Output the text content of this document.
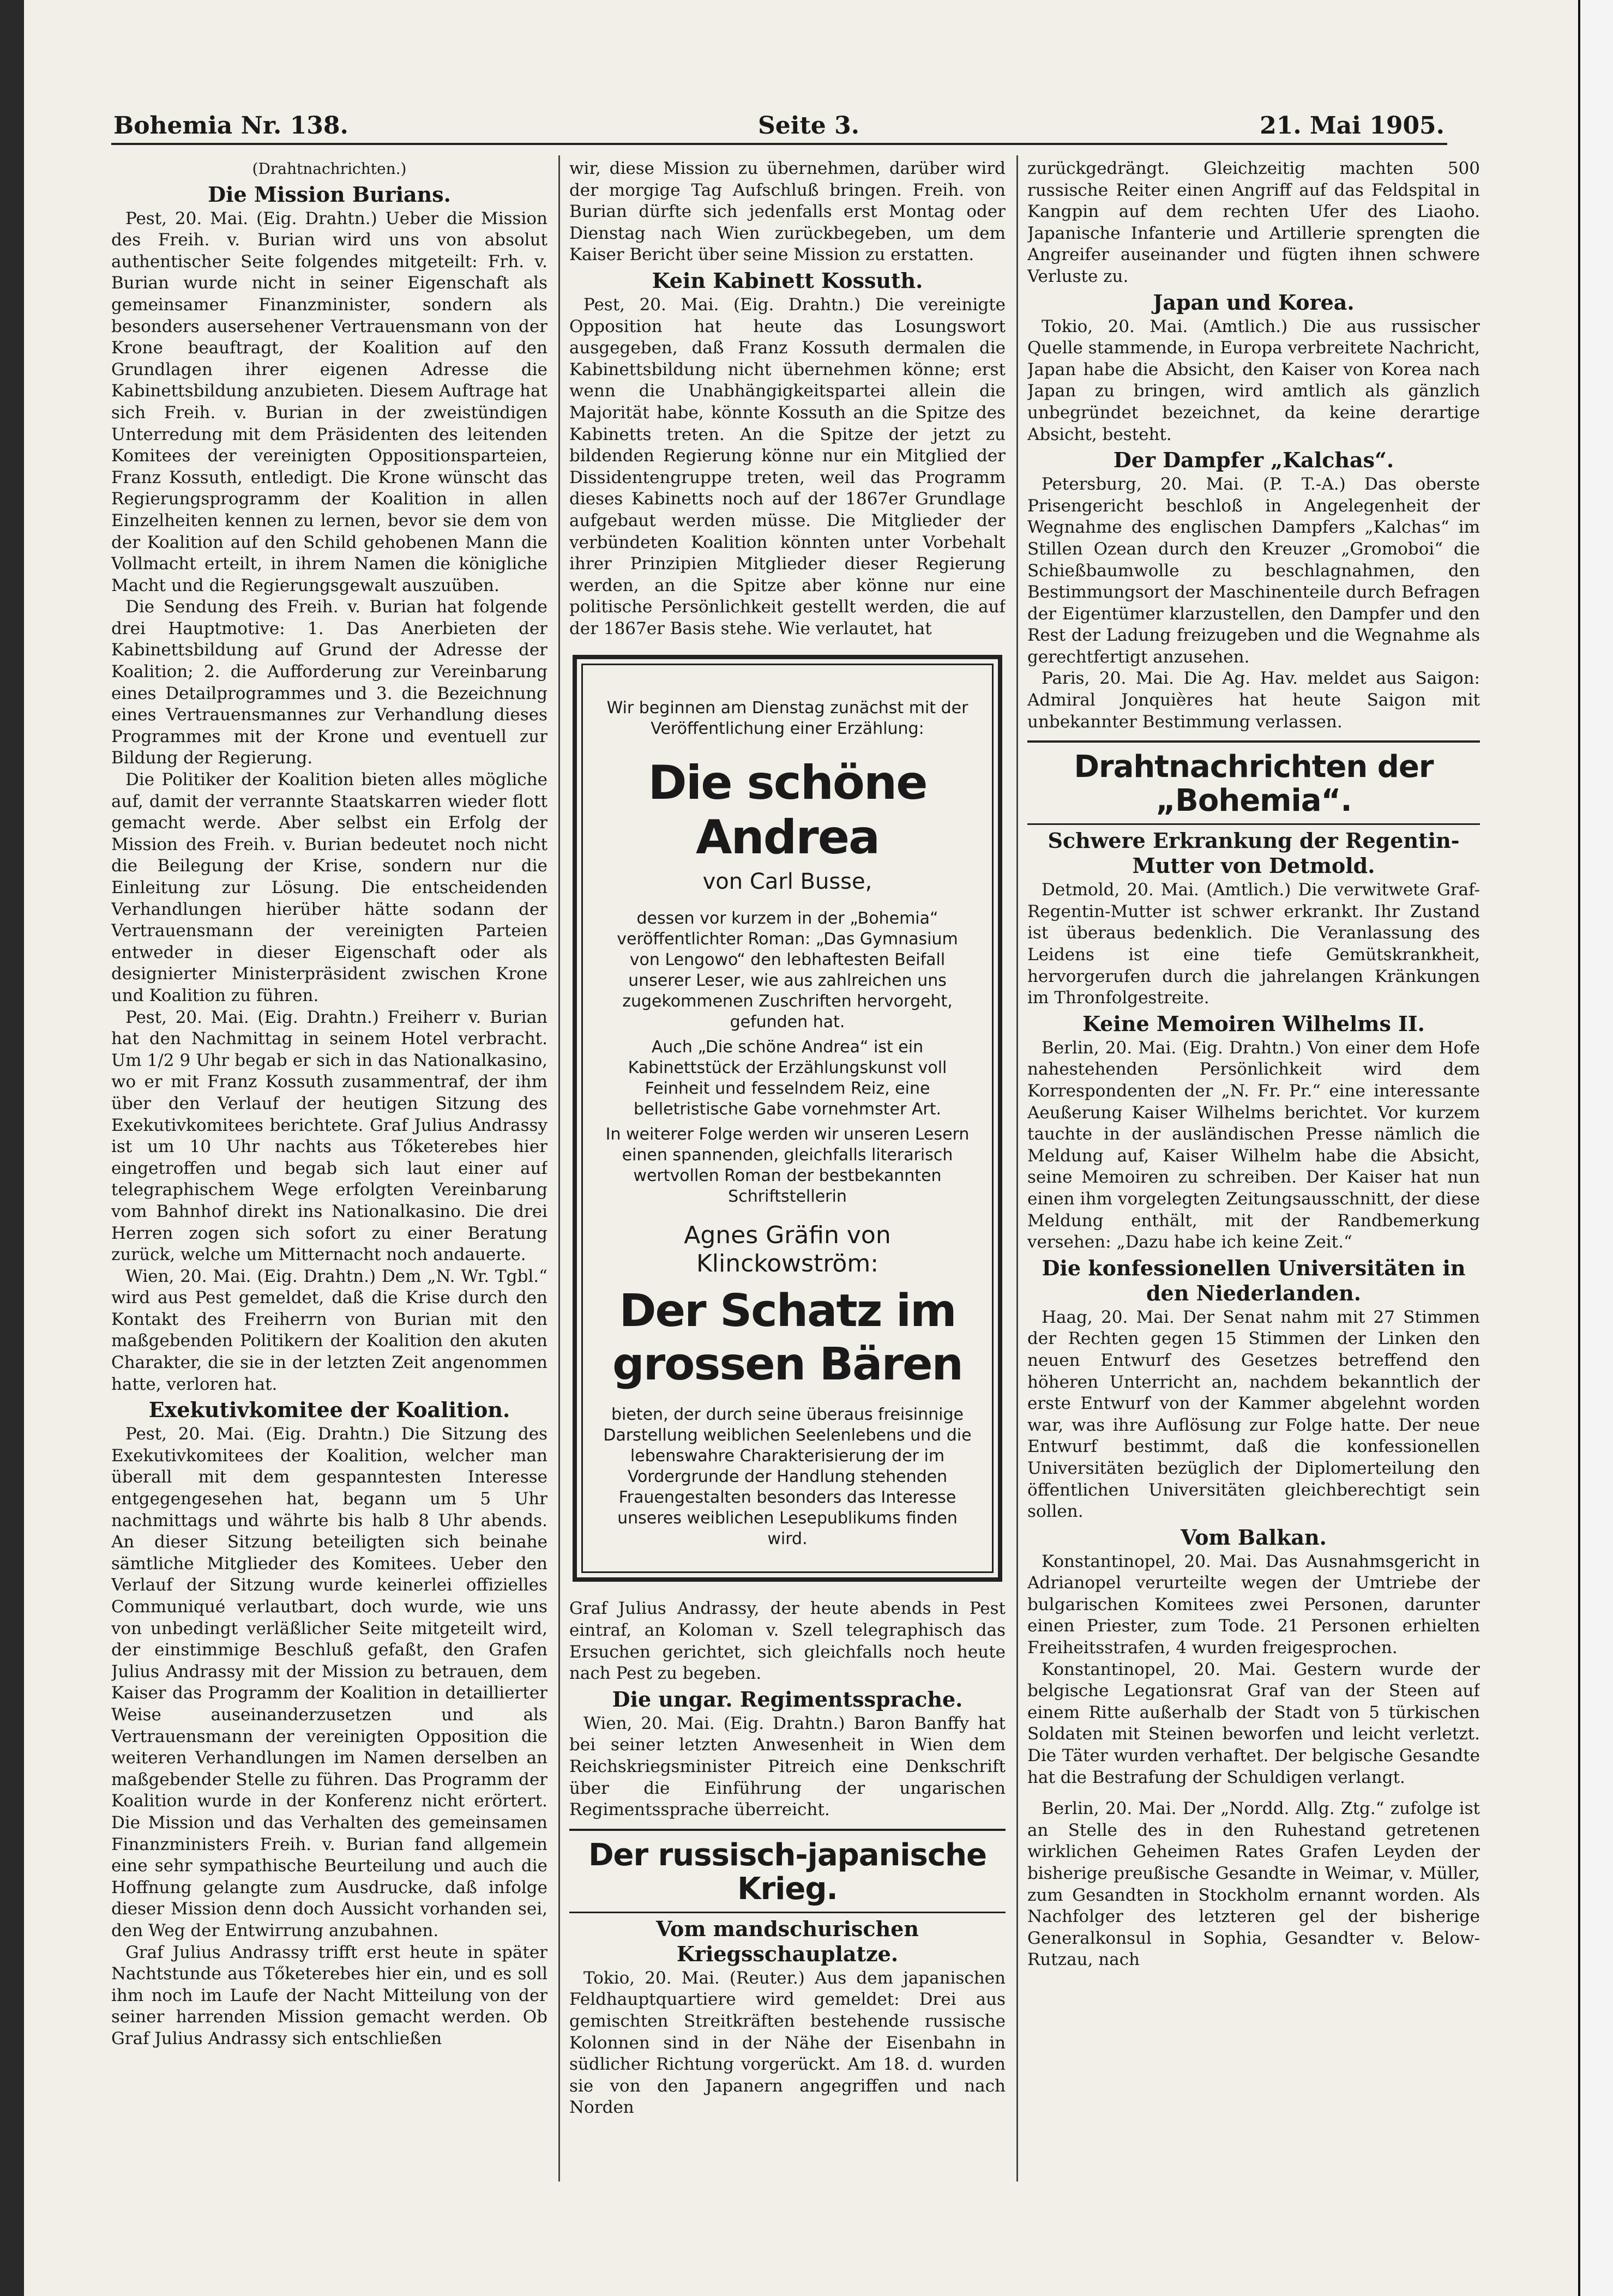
Bohemia Nr. 138.	Seite 3.	21. Mai 1905.

(Drahtnachrichten.)

Die Mission Burians.

Pest, 20. Mai. (Eig. Drahtn.) Ueber die Mission des Freih. v. Burian wird uns von absolut authentischer Seite folgendes mitgeteilt: Frh. v. Burian wurde nicht in seiner Eigenschaft als gemeinsamer Finanzminister, sondern als besonders ausersehener Vertrauensmann von der Krone beauftragt, der Koalition auf den Grundlagen ihrer eigenen Adresse die Kabinettsbildung anzubieten. Diesem Auftrage hat sich Freih. v. Burian in der zweistündigen Unterredung mit dem Präsidenten des leitenden Komitees der vereinigten Oppositionsparteien, Franz Kossuth, entledigt. Die Krone wünscht das Regierungsprogramm der Koalition in allen Einzelheiten kennen zu lernen, bevor sie dem von der Koalition auf den Schild gehobenen Mann die Vollmacht erteilt, in ihrem Namen die königliche Macht und die Regierungsgewalt auszuüben.

Die Sendung des Freih. v. Burian hat folgende drei Hauptmotive: 1. Das Anerbieten der Kabinettsbildung auf Grund der Adresse der Koalition; 2. die Aufforderung zur Vereinbarung eines Detailprogrammes und 3. die Bezeichnung eines Vertrauensmannes zur Verhandlung dieses Programmes mit der Krone und eventuell zur Bildung der Regierung.

Die Politiker der Koalition bieten alles mögliche auf, damit der verrannte Staatskarren wieder flott gemacht werde. Aber selbst ein Erfolg der Mission des Freih. v. Burian bedeutet noch nicht die Beilegung der Krise, sondern nur die Einleitung zur Lösung. Die entscheidenden Verhandlungen hierüber hätte sodann der Vertrauensmann der vereinigten Parteien entweder in dieser Eigenschaft oder als designierter Ministerpräsident zwischen Krone und Koalition zu führen.

Pest, 20. Mai. (Eig. Drahtn.) Freiherr v. Burian hat den Nachmittag in seinem Hotel verbracht. Um 1/2 9 Uhr begab er sich in das Nationalkasino, wo er mit Franz Kossuth zusammentraf, der ihm über den Verlauf der heutigen Sitzung des Exekutivkomitees berichtete. Graf Julius Andrassy ist um 10 Uhr nachts aus Tőketerebes hier eingetroffen und begab sich laut einer auf telegraphischem Wege erfolgten Vereinbarung vom Bahnhof direkt ins Nationalkasino. Die drei Herren zogen sich sofort zu einer Beratung zurück, welche um Mitternacht noch andauerte.

Wien, 20. Mai. (Eig. Drahtn.) Dem „N. Wr. Tgbl.“ wird aus Pest gemeldet, daß die Krise durch den Kontakt des Freiherrn von Burian mit den maßgebenden Politikern der Koalition den akuten Charakter, die sie in der letzten Zeit angenommen hatte, verloren hat.

Exekutivkomitee der Koalition.

Pest, 20. Mai. (Eig. Drahtn.) Die Sitzung des Exekutivkomitees der Koalition, welcher man überall mit dem gespanntesten Interesse entgegengesehen hat, begann um 5 Uhr nachmittags und währte bis halb 8 Uhr abends. An dieser Sitzung beteiligten sich beinahe sämtliche Mitglieder des Komitees. Ueber den Verlauf der Sitzung wurde keinerlei offizielles Communiqué verlautbart, doch wurde, wie uns von unbedingt verläßlicher Seite mitgeteilt wird, der einstimmige Beschluß gefaßt, den Grafen Julius Andrassy mit der Mission zu betrauen, dem Kaiser das Programm der Koalition in detaillierter Weise auseinanderzusetzen und als Vertrauensmann der vereinigten Opposition die weiteren Verhandlungen im Namen derselben an maßgebender Stelle zu führen. Das Programm der Koalition wurde in der Konferenz nicht erörtert. Die Mission und das Verhalten des gemeinsamen Finanzministers Freih. v. Burian fand allgemein eine sehr sympathische Beurteilung und auch die Hoffnung gelangte zum Ausdrucke, daß infolge dieser Mission denn doch Aussicht vorhanden sei, den Weg der Entwirrung anzubahnen.

Graf Julius Andrassy trifft erst heute in später Nachtstunde aus Tőketerebes hier ein, und es soll ihm noch im Laufe der Nacht Mitteilung von der seiner harrenden Mission gemacht werden. Ob Graf Julius Andrassy sich entschließen

wir, diese Mission zu übernehmen, darüber wird der morgige Tag Aufschluß bringen. Freih. von Burian dürfte sich jedenfalls erst Montag oder Dienstag nach Wien zurückbegeben, um dem Kaiser Bericht über seine Mission zu erstatten.

Kein Kabinett Kossuth.

Pest, 20. Mai. (Eig. Drahtn.) Die vereinigte Opposition hat heute das Losungswort ausgegeben, daß Franz Kossuth dermalen die Kabinettsbildung nicht übernehmen könne; erst wenn die Unabhängigkeitspartei allein die Majorität habe, könnte Kossuth an die Spitze des Kabinetts treten. An die Spitze der jetzt zu bildenden Regierung könne nur ein Mitglied der Dissidentengruppe treten, weil das Programm dieses Kabinetts noch auf der 1867er Grundlage aufgebaut werden müsse. Die Mitglieder der verbündeten Koalition könnten unter Vorbehalt ihrer Prinzipien Mitglieder dieser Regierung werden, an die Spitze aber könne nur eine politische Persönlichkeit gestellt werden, die auf der 1867er Basis stehe. Wie verlautet, hat

Wir beginnen am Dienstag zunächst mit der Veröffentlichung einer Erzählung:

Die schöne Andrea

von Carl Busse,

dessen vor kurzem in der „Bohemia“ veröffentlichter Roman: „Das Gymnasium von Lengowo“ den lebhaftesten Beifall unserer Leser, wie aus zahlreichen uns zugekommenen Zuschriften hervorgeht, gefunden hat.

Auch „Die schöne Andrea“ ist ein Kabinettstück der Erzählungskunst voll Feinheit und fesselndem Reiz, eine belletristische Gabe vornehmster Art.

In weiterer Folge werden wir unseren Lesern einen spannenden, gleichfalls literarisch wertvollen Roman der bestbekannten Schriftstellerin

Agnes Gräfin von Klinckowström:

Der Schatz im grossen Bären

bieten, der durch seine überaus freisinnige Darstellung weiblichen Seelenlebens und die lebenswahre Charakterisierung der im Vordergrunde der Handlung stehenden Frauengestalten besonders das Interesse unseres weiblichen Lesepublikums finden wird.

Graf Julius Andrassy, der heute abends in Pest eintraf, an Koloman v. Szell telegraphisch das Ersuchen gerichtet, sich gleichfalls noch heute nach Pest zu begeben.

Die ungar. Regimentssprache.

Wien, 20. Mai. (Eig. Drahtn.) Baron Banffy hat bei seiner letzten Anwesenheit in Wien dem Reichskriegsminister Pitreich eine Denkschrift über die Einführung der ungarischen Regimentssprache überreicht.

Der russisch-japanische Krieg.

Vom mandschurischen Kriegsschauplatze.

Tokio, 20. Mai. (Reuter.) Aus dem japanischen Feldhauptquartiere wird gemeldet: Drei aus gemischten Streitkräften bestehende russische Kolonnen sind in der Nähe der Eisenbahn in südlicher Richtung vorgerückt. Am 18. d. wurden sie von den Japanern angegriffen und nach Norden

zurückgedrängt. Gleichzeitig machten 500 russische Reiter einen Angriff auf das Feldspital in Kangpin auf dem rechten Ufer des Liaoho. Japanische Infanterie und Artillerie sprengten die Angreifer auseinander und fügten ihnen schwere Verluste zu.

Japan und Korea.

Tokio, 20. Mai. (Amtlich.) Die aus russischer Quelle stammende, in Europa verbreitete Nachricht, Japan habe die Absicht, den Kaiser von Korea nach Japan zu bringen, wird amtlich als gänzlich unbegründet bezeichnet, da keine derartige Absicht, besteht.

Der Dampfer „Kalchas“.

Petersburg, 20. Mai. (P. T.-A.) Das oberste Prisengericht beschloß in Angelegenheit der Wegnahme des englischen Dampfers „Kalchas“ im Stillen Ozean durch den Kreuzer „Gromoboi“ die Schießbaumwolle zu beschlagnahmen, den Bestimmungsort der Maschinenteile durch Befragen der Eigentümer klarzustellen, den Dampfer und den Rest der Ladung freizugeben und die Wegnahme als gerechtfertigt anzusehen.

Paris, 20. Mai. Die Ag. Hav. meldet aus Saigon: Admiral Jonquières hat heute Saigon mit unbekannter Bestimmung verlassen.

Drahtnachrichten der „Bohemia“.

Schwere Erkrankung der Regentin-Mutter von Detmold.

Detmold, 20. Mai. (Amtlich.) Die verwitwete Graf-Regentin-Mutter ist schwer erkrankt. Ihr Zustand ist überaus bedenklich. Die Veranlassung des Leidens ist eine tiefe Gemütskrankheit, hervorgerufen durch die jahrelangen Kränkungen im Thronfolgestreite.

Keine Memoiren Wilhelms II.

Berlin, 20. Mai. (Eig. Drahtn.) Von einer dem Hofe nahestehenden Persönlichkeit wird dem Korrespondenten der „N. Fr. Pr.“ eine interessante Aeußerung Kaiser Wilhelms berichtet. Vor kurzem tauchte in der ausländischen Presse nämlich die Meldung auf, Kaiser Wilhelm habe die Absicht, seine Memoiren zu schreiben. Der Kaiser hat nun einen ihm vorgelegten Zeitungsausschnitt, der diese Meldung enthält, mit der Randbemerkung versehen: „Dazu habe ich keine Zeit.“

Die konfessionellen Universitäten in den Niederlanden.

Haag, 20. Mai. Der Senat nahm mit 27 Stimmen der Rechten gegen 15 Stimmen der Linken den neuen Entwurf des Gesetzes betreffend den höheren Unterricht an, nachdem bekanntlich der erste Entwurf von der Kammer abgelehnt worden war, was ihre Auflösung zur Folge hatte. Der neue Entwurf bestimmt, daß die konfessionellen Universitäten bezüglich der Diplomerteilung den öffentlichen Universitäten gleichberechtigt sein sollen.

Vom Balkan.

Konstantinopel, 20. Mai. Das Ausnahmsgericht in Adrianopel verurteilte wegen der Umtriebe der bulgarischen Komitees zwei Personen, darunter einen Priester, zum Tode. 21 Personen erhielten Freiheitsstrafen, 4 wurden freigesprochen.

Konstantinopel, 20. Mai. Gestern wurde der belgische Legationsrat Graf van der Steen auf einem Ritte außerhalb der Stadt von 5 türkischen Soldaten mit Steinen beworfen und leicht verletzt. Die Täter wurden verhaftet. Der belgische Gesandte hat die Bestrafung der Schuldigen verlangt.

Berlin, 20. Mai. Der „Nordd. Allg. Ztg.“ zufolge ist an Stelle des in den Ruhestand getretenen wirklichen Geheimen Rates Grafen Leyden der bisherige preußische Gesandte in Weimar, v. Müller, zum Gesandten in Stockholm ernannt worden. Als Nachfolger des letzteren gel der bisherige Generalkonsul in Sophia, Gesandter v. Below-Rutzau, nach
